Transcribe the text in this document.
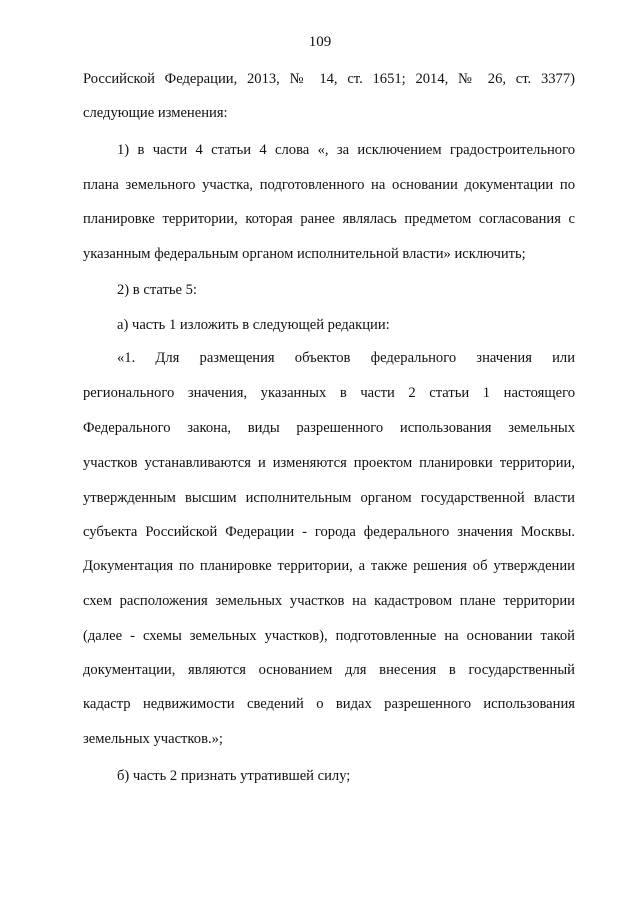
109
Российской Федерации, 2013, № 14, ст. 1651; 2014, № 26, ст. 3377)
следующие изменения:
1) в части 4 статьи 4 слова «, за исключением градостроительного
плана земельного участка, подготовленного на основании документации по
планировке территории, которая ранее являлась предметом согласования с
указанным федеральным органом исполнительной власти» исключить;
2) в статье 5:
а) часть 1 изложить в следующей редакции:
«1. Для размещения объектов федерального значения или
регионального значения, указанных в части 2 статьи 1 настоящего
Федерального закона, виды разрешенного использования земельных
участков устанавливаются и изменяются проектом планировки территории,
утвержденным высшим исполнительным органом государственной власти
субъекта Российской Федерации - города федерального значения Москвы.
Документация по планировке территории, а также решения об утверждении
схем расположения земельных участков на кадастровом плане территории
(далее - схемы земельных участков), подготовленные на основании такой
документации, являются основанием для внесения в государственный
кадастр недвижимости сведений о видах разрешенного использования
земельных участков.»;
б) часть 2 признать утратившей силу;
